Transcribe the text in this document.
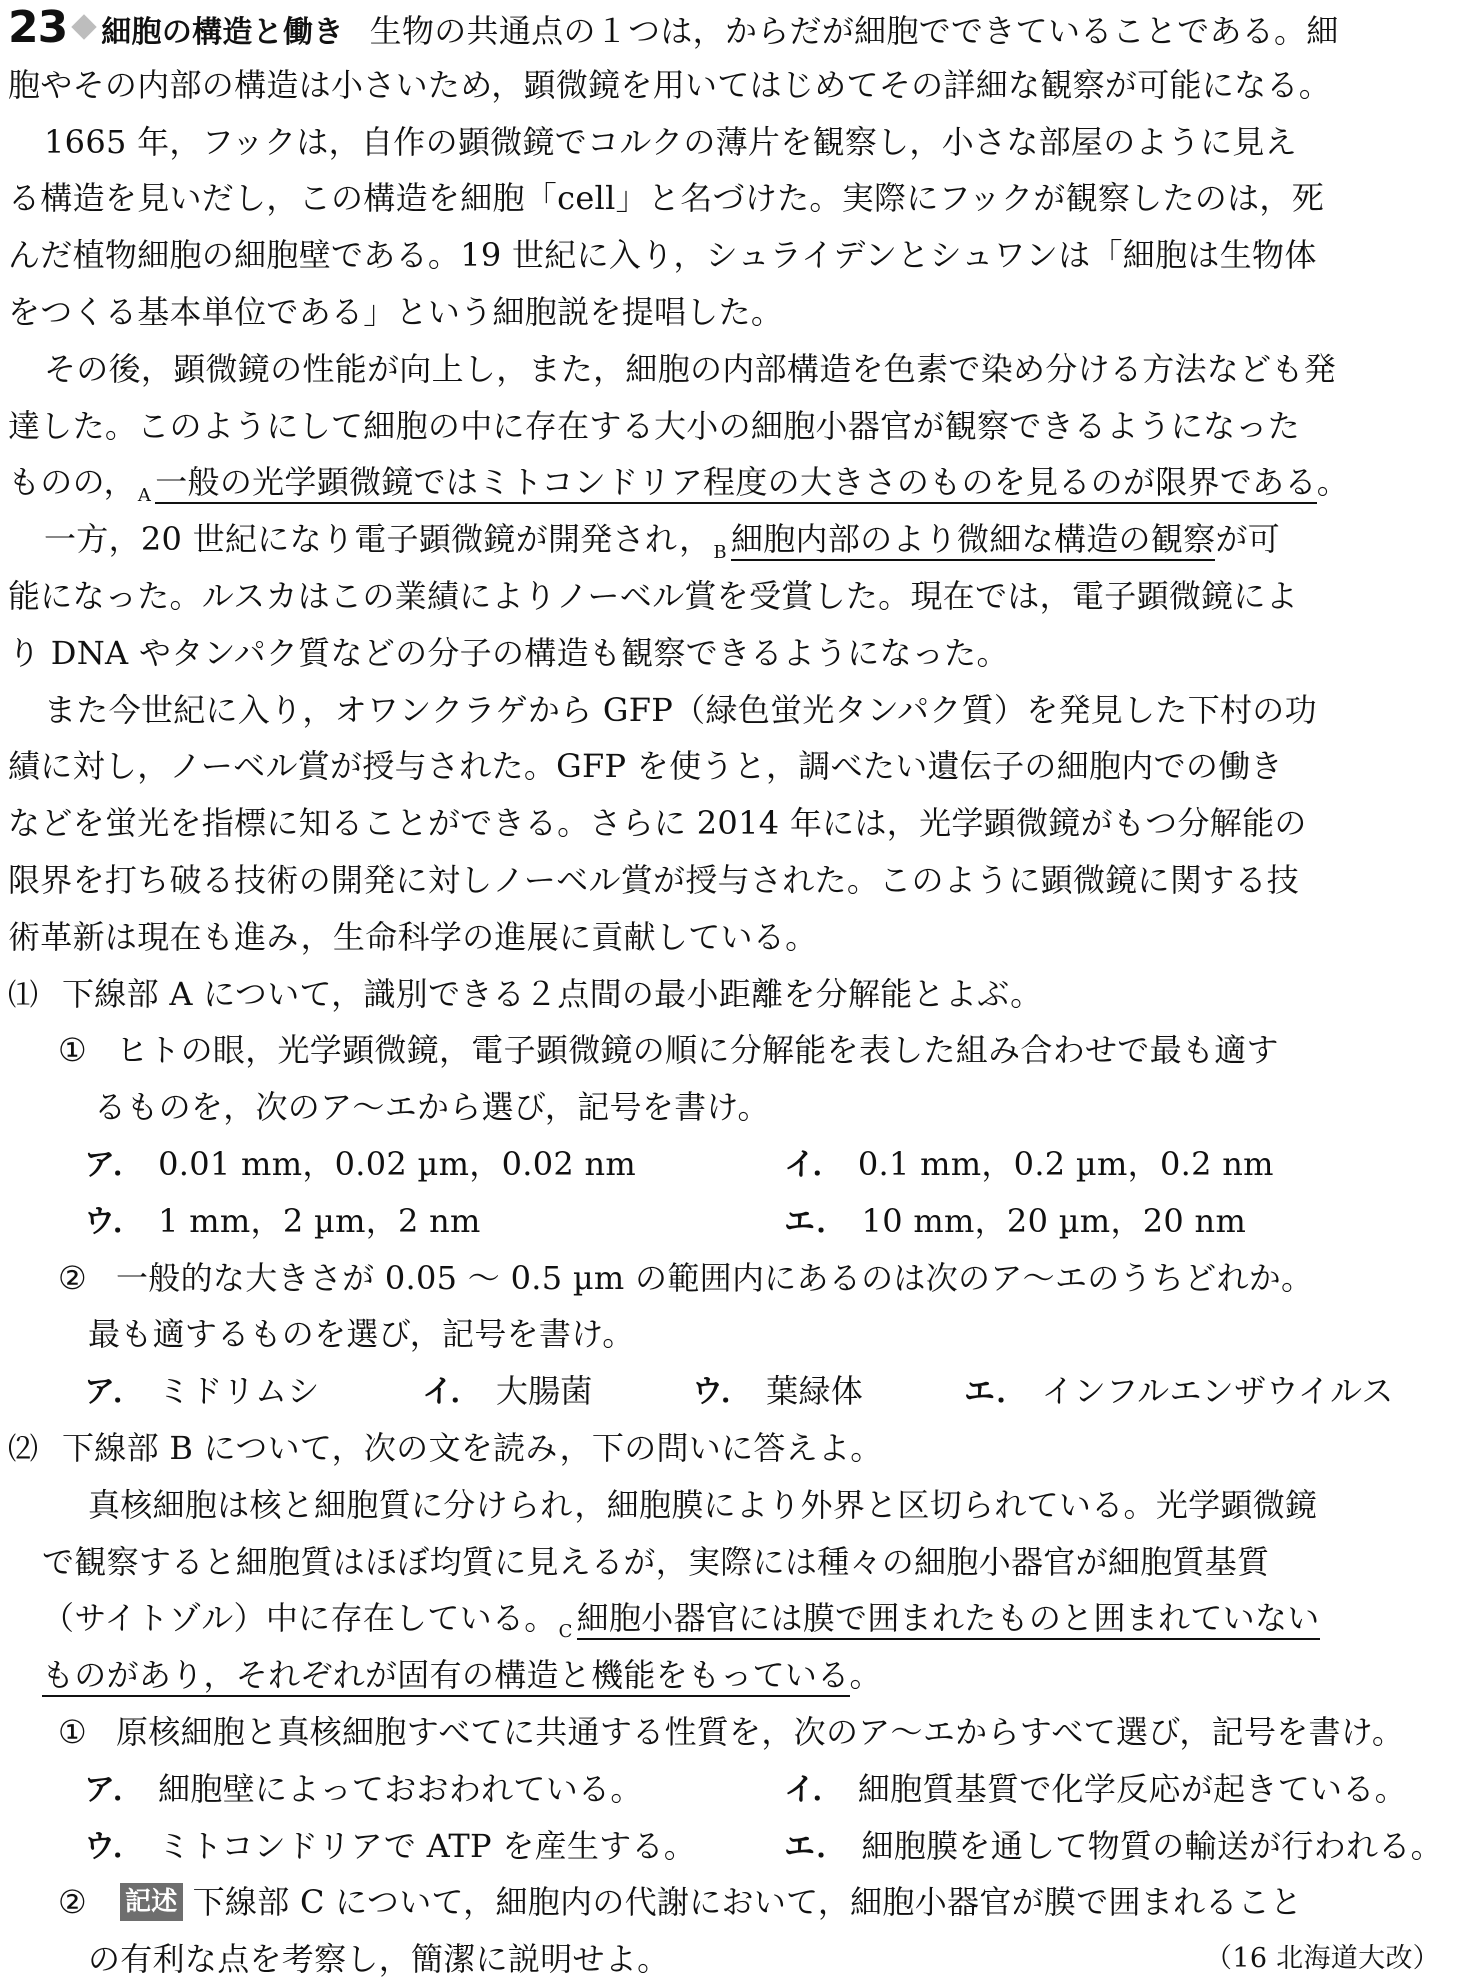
23 細胞の構造と働き 生物の共通点の１つは，からだが細胞でできていることである。細
胞やその内部の構造は小さいため，顕微鏡を用いてはじめてその詳細な観察が可能になる。
1665 年，フックは，自作の顕微鏡でコルクの薄片を観察し，小さな部屋のように見え
る構造を見いだし，この構造を細胞「cell」と名づけた。実際にフックが観察したのは，死
んだ植物細胞の細胞壁である。19 世紀に入り，シュライデンとシュワンは「細胞は生物体
をつくる基本単位である」という細胞説を提唱した。
その後，顕微鏡の性能が向上し，また，細胞の内部構造を色素で染め分ける方法なども発
達した。このようにして細胞の中に存在する大小の細胞小器官が観察できるようになった
ものの， $_A$ 一般の光学顕微鏡ではミトコンドリア程度の大きさのものを見るのが限界である。
一方，20 世紀になり電子顕微鏡が開発され， $_B$ 細胞内部のより微細な構造の観察が可
能になった。ルスカはこの業績によりノーベル賞を受賞した。現在では，電子顕微鏡によ
り DNA やタンパク質などの分子の構造も観察できるようになった。
また今世紀に入り，オワンクラゲから GFP（緑色蛍光タンパク質）を発見した下村の功
績に対し，ノーベル賞が授与された。GFP を使うと，調べたい遺伝子の細胞内での働き
などを蛍光を指標に知ることができる。さらに 2014 年には，光学顕微鏡がもつ分解能の
限界を打ち破る技術の開発に対しノーベル賞が授与された。このように顕微鏡に関する技
術革新は現在も進み，生命科学の進展に貢献している。
⑴ 下線部 A について，識別できる２点間の最小距離を分解能とよぶ。
① ヒトの眼，光学顕微鏡，電子顕微鏡の順に分解能を表した組み合わせで最も適す
るものを，次のア～エから選び，記号を書け。
ア． 0.01 mm，0.02 µm，0.02 nm	イ． 0.1 mm，0.2 µm，0.2 nm
ウ． 1 mm，2 µm，2 nm	エ． 10 mm，20 µm，20 nm
② 一般的な大きさが 0.05 ～ 0.5 µm の範囲内にあるのは次のア～エのうちどれか。
最も適するものを選び，記号を書け。
ア． ミドリムシ	イ． 大腸菌	ウ． 葉緑体	エ． インフルエンザウイルス
⑵ 下線部 B について，次の文を読み，下の問いに答えよ。
真核細胞は核と細胞質に分けられ，細胞膜により外界と区切られている。光学顕微鏡
で観察すると細胞質はほぼ均質に見えるが，実際には種々の細胞小器官が細胞質基質
（サイトゾル）中に存在している。 $_C$ 細胞小器官には膜で囲まれたものと囲まれていない
ものがあり，それぞれが固有の構造と機能をもっている。
① 原核細胞と真核細胞すべてに共通する性質を，次のア～エからすべて選び，記号を書け。
ア． 細胞壁によっておおわれている。	イ． 細胞質基質で化学反応が起きている。
ウ． ミトコンドリアで ATP を産生する。	エ． 細胞膜を通して物質の輸送が行われる。
② 記述 下線部 C について，細胞内の代謝において，細胞小器官が膜で囲まれること
の有利な点を考察し，簡潔に説明せよ。	（16 北海道大改）
